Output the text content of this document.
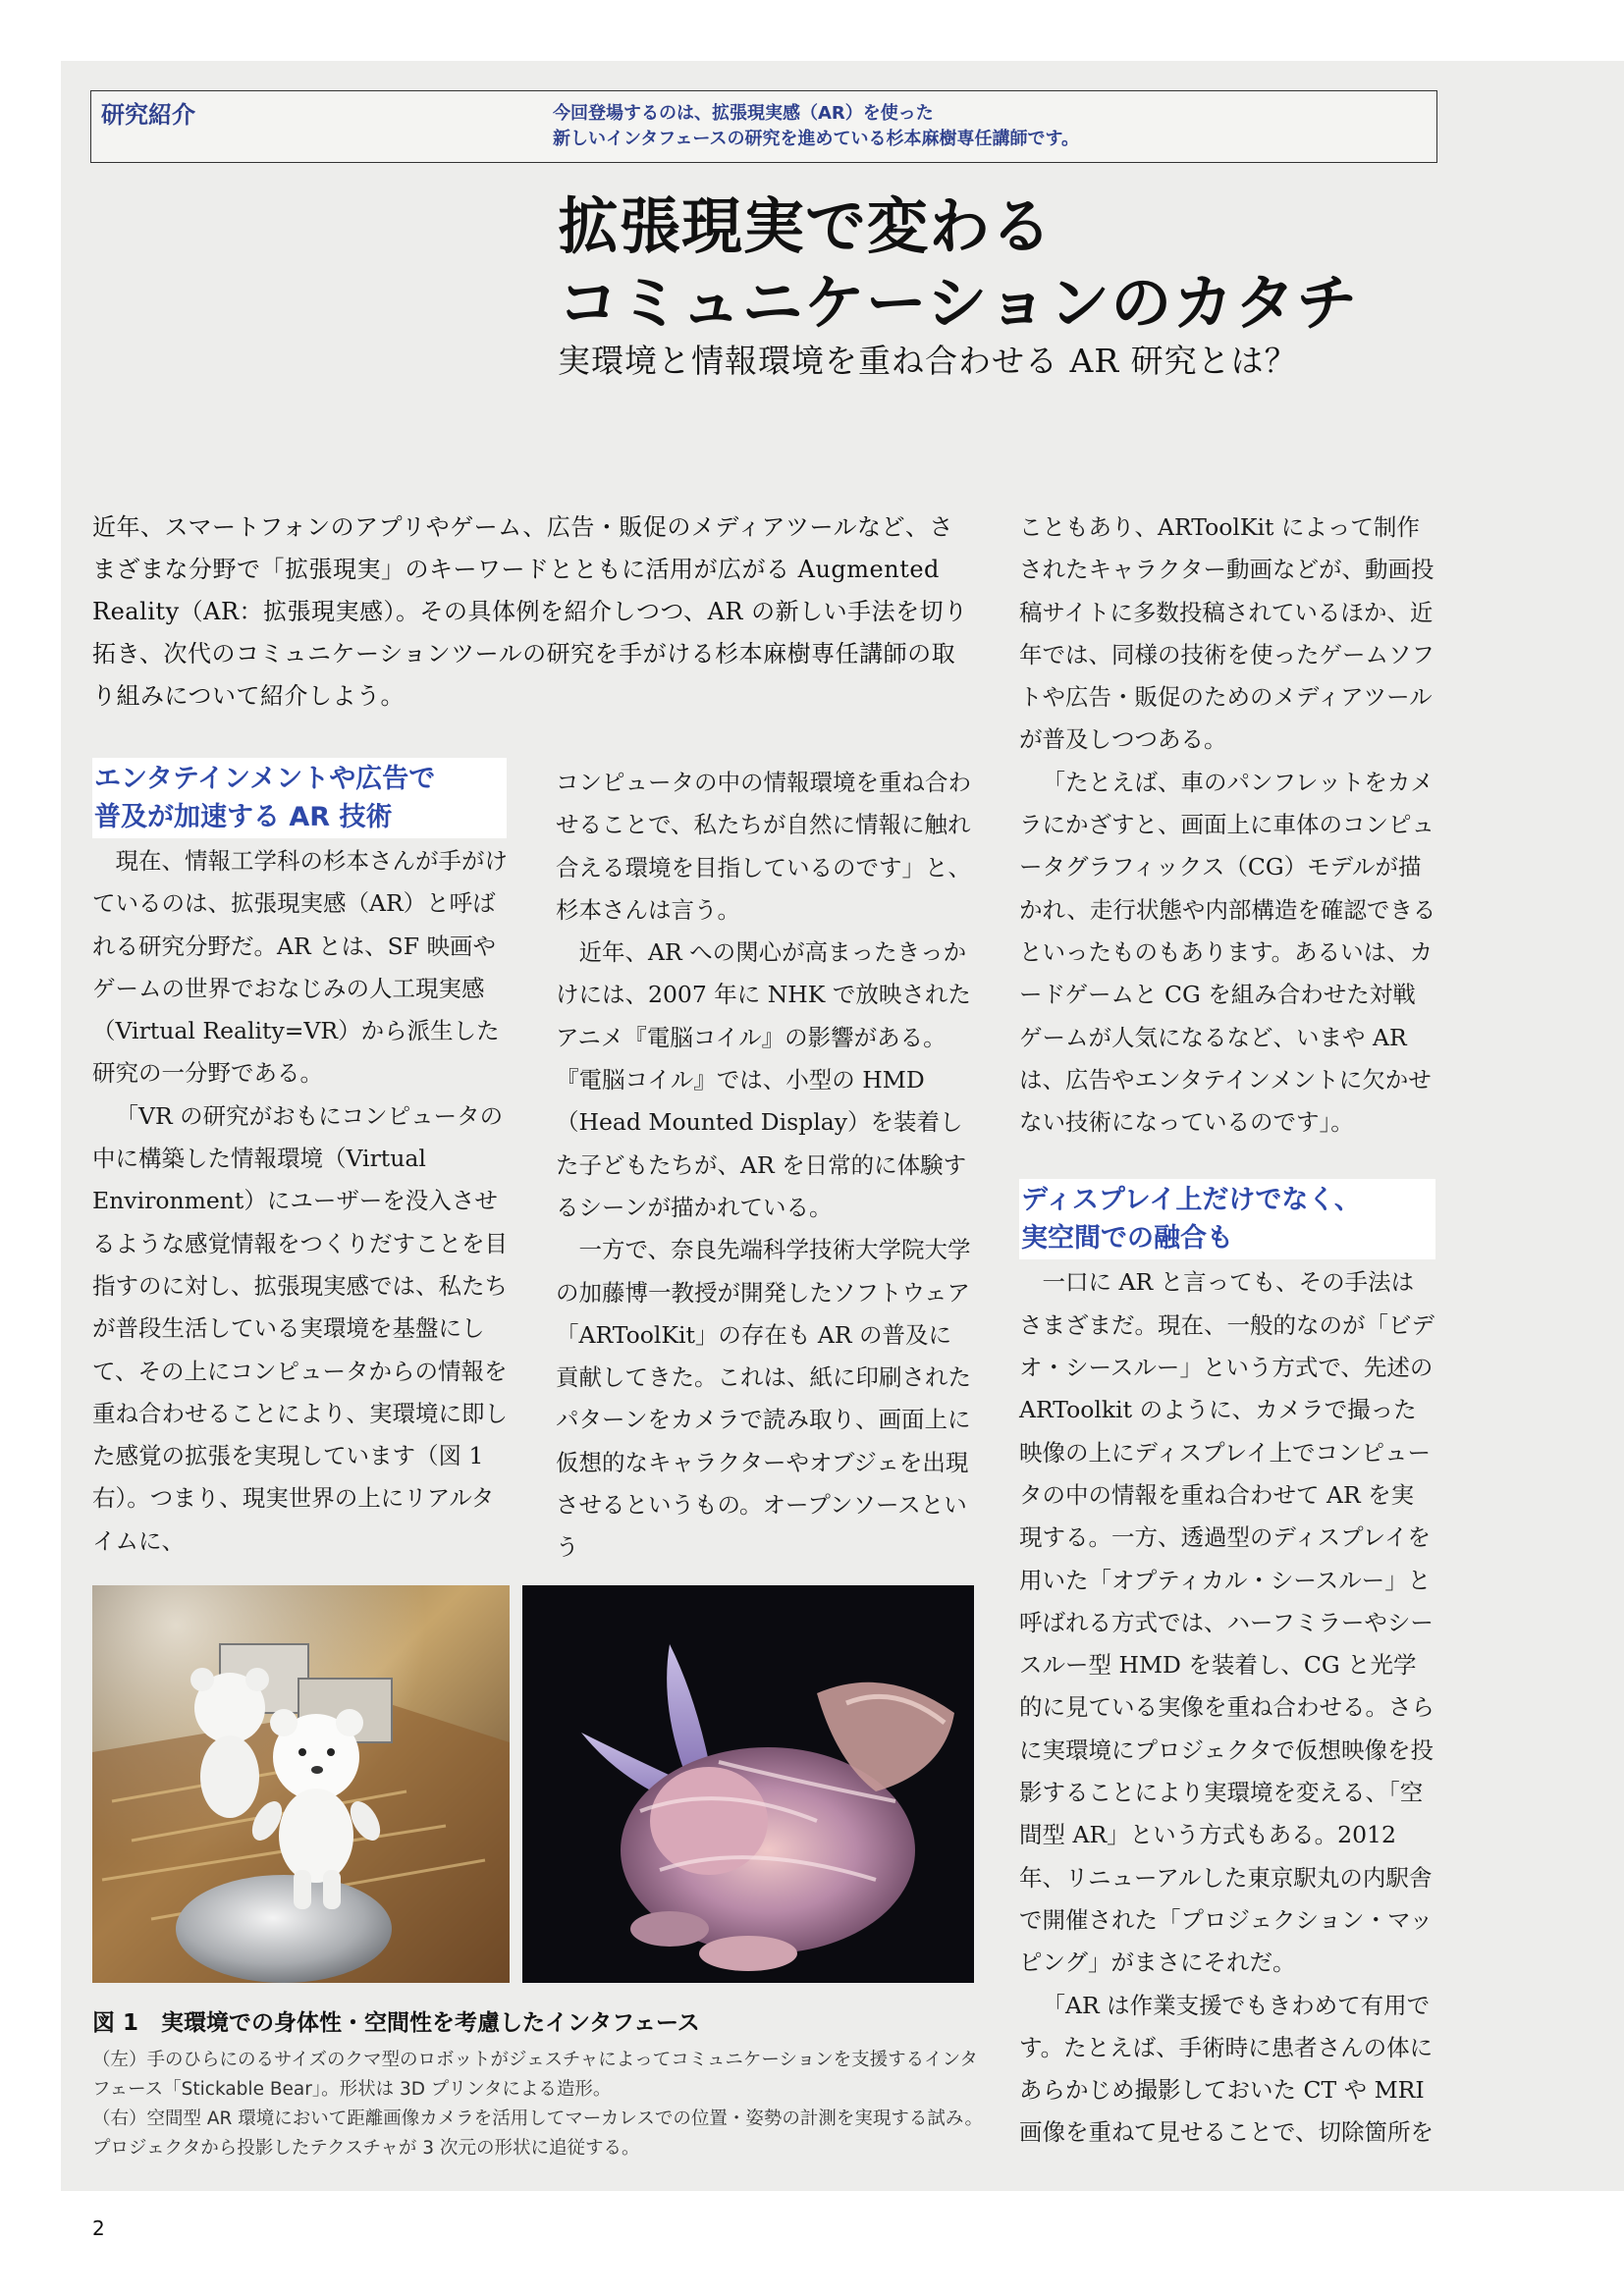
研究紹介	今回登場するのは、拡張現実感（AR）を使った
新しいインタフェースの研究を進めている杉本麻樹専任講師です。
拡張現実で変わる
コミュニケーションのカタチ
実環境と情報環境を重ね合わせる AR 研究とは？

近年、スマートフォンのアプリやゲーム、広告・販促のメディアツールなど、さまざまな分野で「拡張現実」のキーワードとともに活用が広がる Augmented Reality（AR：拡張現実感）。その具体例を紹介しつつ、AR の新しい手法を切り拓き、次代のコミュニケーションツールの研究を手がける杉本麻樹専任講師の取り組みについて紹介しよう。

エンタテインメントや広告で
普及が加速する AR 技術

現在、情報工学科の杉本さんが手がけているのは、拡張現実感（AR）と呼ばれる研究分野だ。AR とは、SF 映画やゲームの世界でおなじみの人工現実感（Virtual Reality=VR）から派生した研究の一分野である。

「VR の研究がおもにコンピュータの中に構築した情報環境（Virtual Environment）にユーザーを没入させるような感覚情報をつくりだすことを目指すのに対し、拡張現実感では、私たちが普段生活している実環境を基盤にして、その上にコンピュータからの情報を重ね合わせることにより、実環境に即した感覚の拡張を実現しています（図 1 右）。つまり、現実世界の上にリアルタイムに、

コンピュータの中の情報環境を重ね合わせることで、私たちが自然に情報に触れ合える環境を目指しているのです」と、杉本さんは言う。

近年、AR への関心が高まったきっかけには、2007 年に NHK で放映されたアニメ『電脳コイル』の影響がある。『電脳コイル』では、小型の HMD（Head Mounted Display）を装着した子どもたちが、AR を日常的に体験するシーンが描かれている。

一方で、奈良先端科学技術大学院大学の加藤博一教授が開発したソフトウェア「ARToolKit」の存在も AR の普及に貢献してきた。これは、紙に印刷されたパターンをカメラで読み取り、画面上に仮想的なキャラクターやオブジェを出現させるというもの。オープンソースという

こともあり、ARToolKit によって制作されたキャラクター動画などが、動画投稿サイトに多数投稿されているほか、近年では、同様の技術を使ったゲームソフトや広告・販促のためのメディアツールが普及しつつある。

「たとえば、車のパンフレットをカメラにかざすと、画面上に車体のコンピュータグラフィックス（CG）モデルが描かれ、走行状態や内部構造を確認できるといったものもあります。あるいは、カードゲームと CG を組み合わせた対戦ゲームが人気になるなど、いまや AR は、広告やエンタテインメントに欠かせない技術になっているのです」。

ディスプレイ上だけでなく、
実空間での融合も

一口に AR と言っても、その手法はさまざまだ。現在、一般的なのが「ビデオ・シースルー」という方式で、先述の ARToolkit のように、カメラで撮った映像の上にディスプレイ上でコンピュータの中の情報を重ね合わせて AR を実現する。一方、透過型のディスプレイを用いた「オプティカル・シースルー」と呼ばれる方式では、ハーフミラーやシースルー型 HMD を装着し、CG と光学的に見ている実像を重ね合わせる。さらに実環境にプロジェクタで仮想映像を投影することにより実環境を変える、「空間型 AR」という方式もある。2012 年、リニューアルした東京駅丸の内駅舎で開催された「プロジェクション・マッピング」がまさにそれだ。

「AR は作業支援でもきわめて有用です。たとえば、手術時に患者さんの体にあらかじめ撮影しておいた CT や MRI 画像を重ねて見せることで、切除箇所を

図 1　実環境での身体性・空間性を考慮したインタフェース

（左）手のひらにのるサイズのクマ型のロボットがジェスチャによってコミュニケーションを支援するインタフェース「Stickable Bear」。形状は 3D プリンタによる造形。

（右）空間型 AR 環境において距離画像カメラを活用してマーカレスでの位置・姿勢の計測を実現する試み。プロジェクタから投影したテクスチャが 3 次元の形状に追従する。

2
